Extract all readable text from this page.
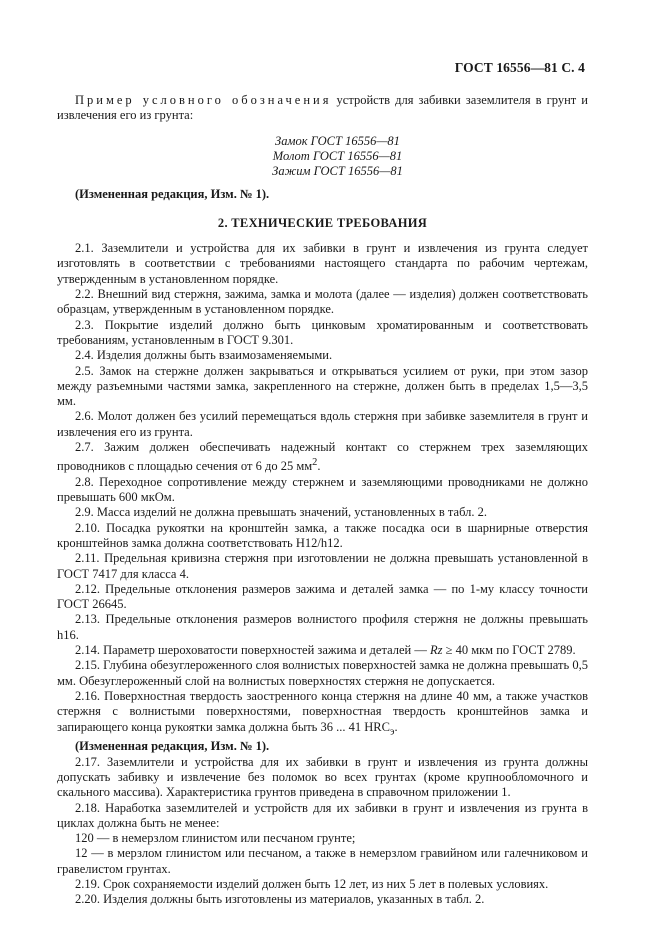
ГОСТ 16556—81 С. 4

Пример условного обозначения устройств для забивки заземлителя в грунт и извлечения его из грунта:

Замок ГОСТ 16556—81
Молот ГОСТ 16556—81
Зажим ГОСТ 16556—81

(Измененная редакция, Изм. № 1).

2. ТЕХНИЧЕСКИЕ ТРЕБОВАНИЯ

2.1. Заземлители и устройства для их забивки в грунт и извлечения из грунта следует изготовлять в соответствии с требованиями настоящего стандарта по рабочим чертежам, утвержденным в установленном порядке.

2.2. Внешний вид стержня, зажима, замка и молота (далее — изделия) должен соответствовать образцам, утвержденным в установленном порядке.

2.3. Покрытие изделий должно быть цинковым хроматированным и соответствовать требованиям, установленным в ГОСТ 9.301.

2.4. Изделия должны быть взаимозаменяемыми.

2.5. Замок на стержне должен закрываться и открываться усилием от руки, при этом зазор между разъемными частями замка, закрепленного на стержне, должен быть в пределах 1,5—3,5 мм.

2.6. Молот должен без усилий перемещаться вдоль стержня при забивке заземлителя в грунт и извлечения его из грунта.

2.7. Зажим должен обеспечивать надежный контакт со стержнем трех заземляющих проводников с площадью сечения от 6 до 25 $мм^2$.

2.8. Переходное сопротивление между стержнем и заземляющими проводниками не должно превышать 600 мкОм.

2.9. Масса изделий не должна превышать значений, установленных в табл. 2.

2.10. Посадка рукоятки на кронштейн замка, а также посадка оси в шарнирные отверстия кронштейнов замка должна соответствовать Н12/h12.

2.11. Предельная кривизна стержня при изготовлении не должна превышать установленной в ГОСТ 7417 для класса 4.

2.12. Предельные отклонения размеров зажима и деталей замка — по 1-му классу точности ГОСТ 26645.

2.13. Предельные отклонения размеров волнистого профиля стержня не должны превышать h16.

2.14. Параметр шероховатости поверхностей зажима и деталей — Rz ≥ 40 мкм по ГОСТ 2789.

2.15. Глубина обезуглероженного слоя волнистых поверхностей замка не должна превышать 0,5 мм. Обезуглероженный слой на волнистых поверхностях стержня не допускается.

2.16. Поверхностная твердость заостренного конца стержня на длине 40 мм, а также участков стержня с волнистыми поверхностями, поверхностная твердость кронштейнов замка и запирающего конца рукоятки замка должна быть 36 ... 41 $HRC_э$.

(Измененная редакция, Изм. № 1).

2.17. Заземлители и устройства для их забивки в грунт и извлечения из грунта должны допускать забивку и извлечение без поломок во всех грунтах (кроме крупнообломочного и скального массива). Характеристика грунтов приведена в справочном приложении 1.

2.18. Наработка заземлителей и устройств для их забивки в грунт и извлечения из грунта в циклах должна быть не менее:

120 — в немерзлом глинистом или песчаном грунте;

12 — в мерзлом глинистом или песчаном, а также в немерзлом гравийном или галечниковом и гравелистом грунтах.

2.19. Срок сохраняемости изделий должен быть 12 лет, из них 5 лет в полевых условиях.

2.20. Изделия должны быть изготовлены из материалов, указанных в табл. 2.
